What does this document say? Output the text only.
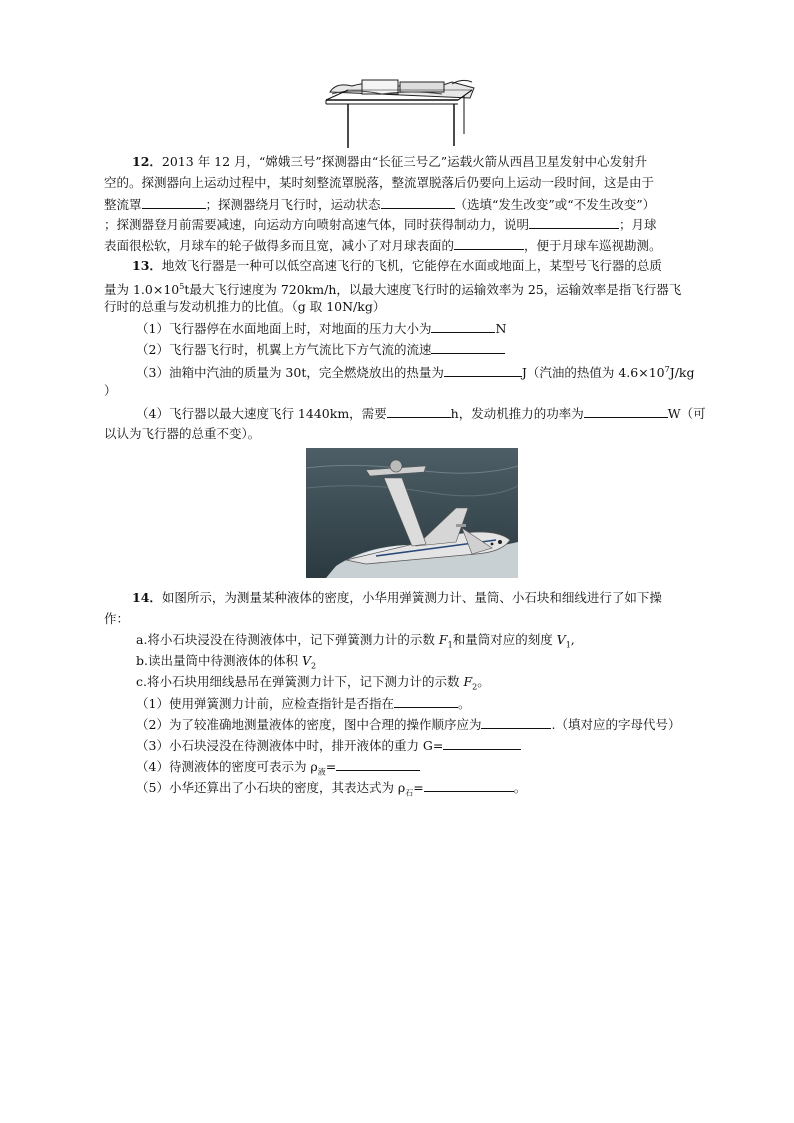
12．2013 年 12 月，“嫦娥三号”探测器由“长征三号乙”运载火箭从西昌卫星发射中心发射升
空的。探测器向上运动过程中，某时刻整流罩脱落，整流罩脱落后仍要向上运动一段时间，这是由于
整流罩	；探测器绕月飞行时，运动状态	（选填“发生改变”或“不发生改变”）
；探测器登月前需要减速，向运动方向喷射高速气体，同时获得制动力，说明	；月球
表面很松软，月球车的轮子做得多而且宽，减小了对月球表面的	，便于月球车巡视勘测。
13．地效飞行器是一种可以低空高速飞行的飞机，它能停在水面或地面上，某型号飞行器的总质
量为 $1.0\times 10^5t$最大飞行速度为 720km/h，以最大速度飞行时的运输效率为 25，运输效率是指飞行器飞
行时的总重与发动机推力的比值。（g 取 10N/kg）
（1）飞行器停在水面地面上时，对地面的压力大小为	N
（2）飞行器飞行时，机翼上方气流比下方气流的流速
（3）油箱中汽油的质量为 30t，完全燃烧放出的热量为	J（汽油的热值为 $4.6\times 10^7J/kg$
）
（4）飞行器以最大速度飞行 1440km，需要	h，发动机推力的功率为	W（可
以认为飞行器的总重不变）。
14．如图所示，为测量某种液体的密度，小华用弹簧测力计、量筒、小石块和细线进行了如下操
作：
a.将小石块浸没在待测液体中，记下弹簧测力计的示数 $F_1$和量筒对应的刻度 $V_1$,
b.读出量筒中待测液体的体积 $V_2$
c.将小石块用细线悬吊在弹簧测力计下，记下测力计的示数 $F_2$。
（1）使用弹簧测力计前，应检查指针是否指在	。
（2）为了较准确地测量液体的密度，图中合理的操作顺序应为	.（填对应的字母代号）
（3）小石块浸没在待测液体中时，排开液体的重力 G=
（4）待测液体的密度可表示为 $\rho_液=$
（5）小华还算出了小石块的密度，其表达式为 $\rho_石=$	。
